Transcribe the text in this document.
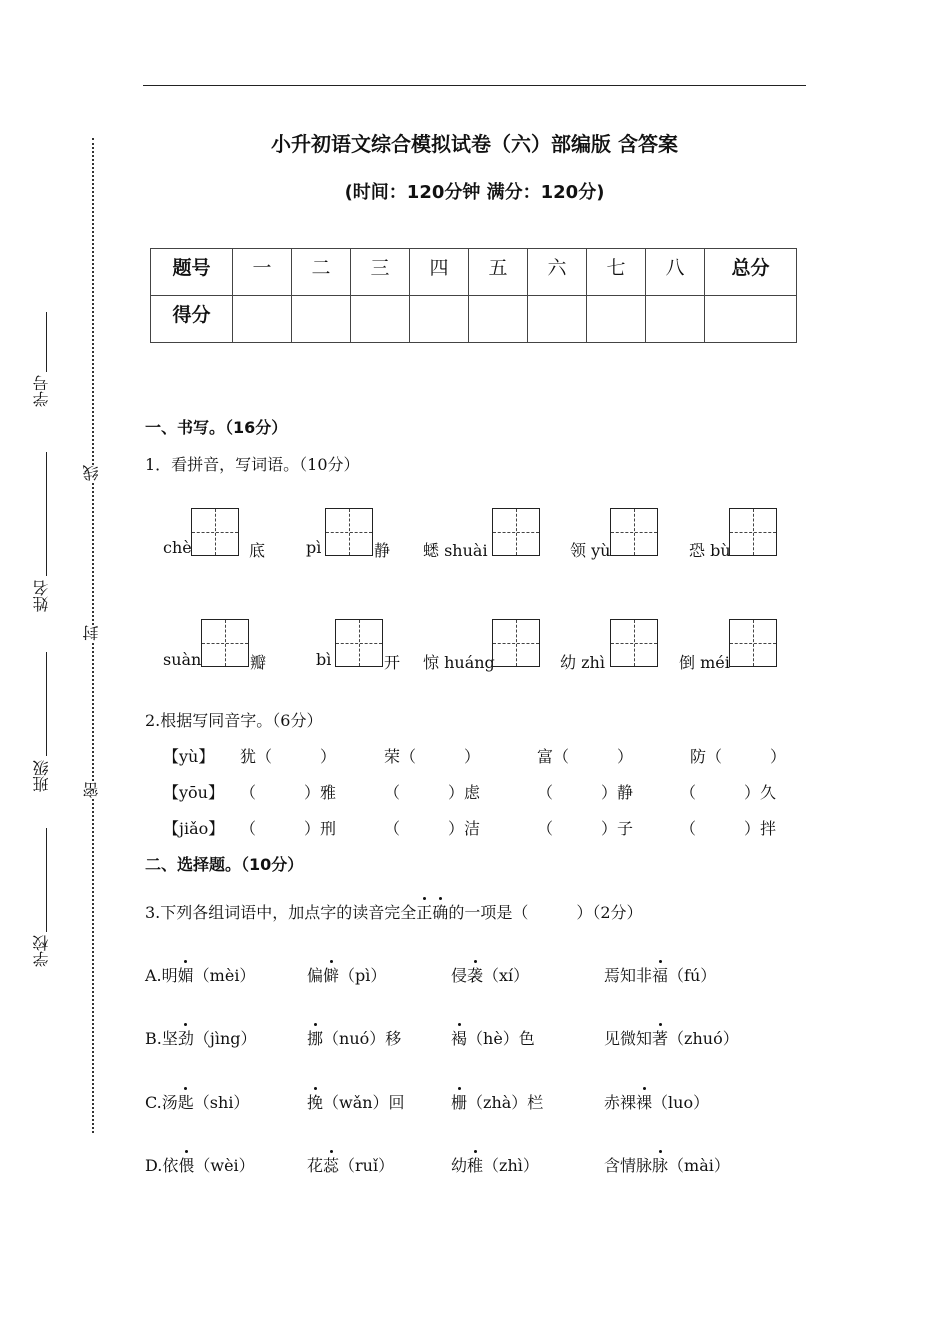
学号
姓名
班级
学校
线
封
密
小升初语文综合模拟试卷（六）部编版 含答案
(时间：120分钟 满分：120分)
题号	一	二	三	四	五	六	七	八	总分
得分									
一、书写。（16分）
1．看拼音，写词语。（10分）
chè	底	pì	静 蟋 shuài	领 yù	恐 bù
suàn	瓣	bì	开 惊 huáng	幼 zhì	倒 méi
2.根据写同音字。（6分）
【yù】 犹（　　　）	荣（　　　）	富（　　　）	防（　　　）
【yōu】 （　　　）雅	（　　　）虑	（　　　）静	（　　　）久
【jiǎo】 （　　　）刑	（　　　）洁	（　　　）子	（　　　）拌
二、选择题。（10分）
3.下列各组词语中，加点字的读音完全正确的一项是（　　　）（2分）
A.明媚（mèi）	偏僻（pì）	侵袭（xí）	焉知非福（fú）
B.坚劲（jìng）	挪（nuó）移	褐（hè）色	见微知著（zhuó）
C.汤匙（shi）	挽（wǎn）回	栅（zhà）栏	赤裸裸（luo）
D.依偎（wèi）	花蕊（ruǐ）	幼稚（zhì）	含情脉脉（mài）
